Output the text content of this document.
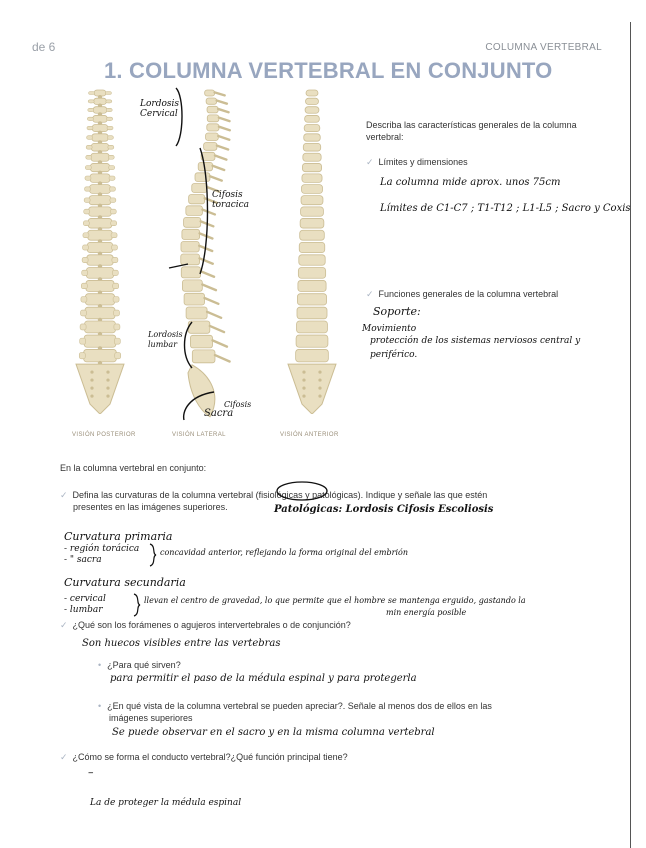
de 6	COLUMNA VERTEBRAL
1. COLUMNA VERTEBRAL EN CONJUNTO
VISIÓN POSTERIOR	VISIÓN LATERAL	VISIÓN ANTERIOR
Lordosis
Cervical
Cifosis
toracica
Lordosis
lumbar
Cifosis
Sacra
Describa las características generales de la columna vertebral:
✓ Límites y dimensiones
La columna mide aprox. unos 75cm
Límites de C1-C7 ; T1-T12 ; L1-L5 ; Sacro y Coxis
✓ Funciones generales de la columna vertebral
Soporte:
Movimiento
protección de los sistemas nerviosos central y
periférico.
En la columna vertebral en conjunto:
✓ Defina las curvaturas de la columna vertebral (fisiológicas y patológicas). Indique y señale las que estén
presentes en las imágenes superiores.	Patológicas: Lordosis Cifosis Escoliosis
Curvatura primaria
- región torácica
- " sacra
concavidad anterior, reflejando la forma original del embrión
Curvatura secundaria
- cervical
- lumbar
llevan el centro de gravedad, lo que permite que el hombre se mantenga erguido, gastando la
min energía posible
✓ ¿Qué son los forámenes o agujeros intervertebrales o de conjunción?
Son huecos visibles entre las vertebras
• ¿Para qué sirven?
para permitir el paso de la médula espinal y para protegerla
• ¿En qué vista de la columna vertebral se pueden apreciar?. Señale al menos dos de ellos en las
imágenes superiores
Se puede observar en el sacro y en la misma columna vertebral
✓ ¿Cómo se forma el conducto vertebral?¿Qué función principal tiene?
–
La de proteger la médula espinal
